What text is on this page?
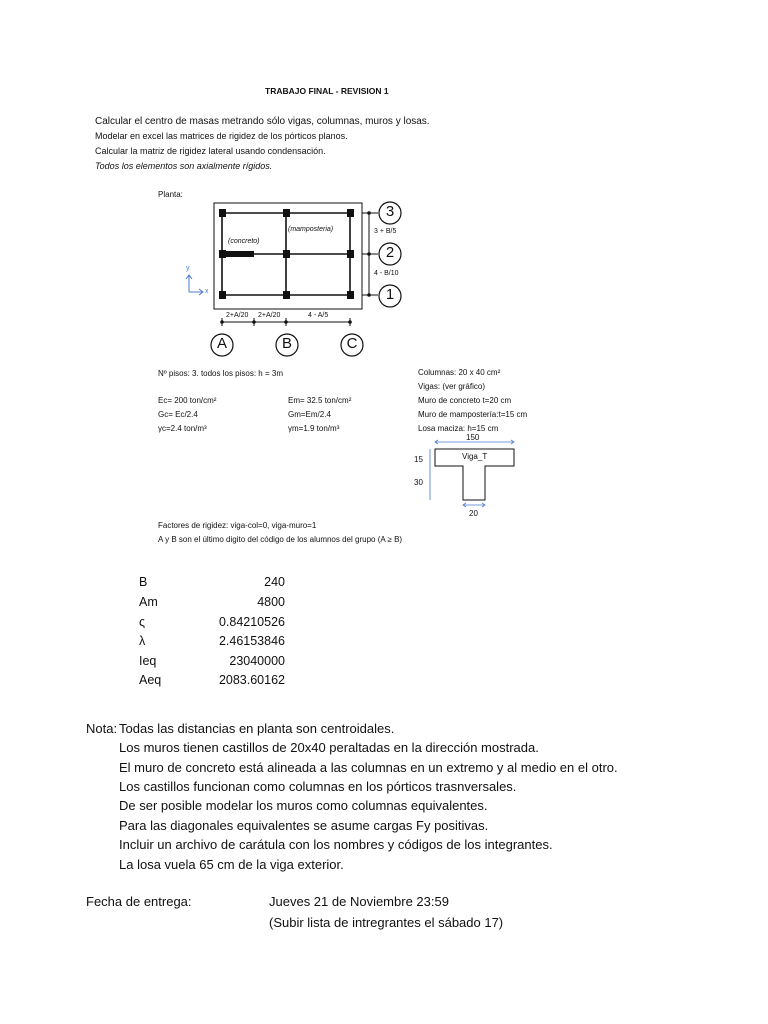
TRABAJO FINAL - REVISION 1
Calcular el centro de masas metrando sólo vigas, columnas, muros y losas.
Modelar en excel las matrices de rigidez de los pórticos planos.
Calcular la matriz de rigidez lateral usando condensación.
Todos los elementos son axialmente rígidos.
Planta:
(concreto)
(mamposteria)
y
x
3
2
1
3 + B/5
4 - B/10
2+A/20 2+A/20	4 - A/5
A	B	C
Nº pisos: 3. todos los pisos: h = 3m
Ec= 200 ton/cm²
Gc= Ec/2.4
γc=2.4 ton/m³
Em= 32.5 ton/cm²
Gm=Em/2.4
γm=1.9 ton/m³
Columnas: 20 x 40 cm²
Vigas: (ver gráfico)
Muro de concreto t=20 cm
Muro de mampostería:t=15 cm
Losa maciza: h=15 cm
150
Viga_T
15
30
20
Factores de rigidez: viga-col=0, viga-muro=1
A y B son el último digito del código de los alumnos del grupo (A ≥ B)
B	240
Am	4800
ς	0.84210526
λ	2.46153846
Ieq	23040000
Aeq	2083.60162
Nota: Todas las distancias en planta son centroidales.
Los muros tienen castillos de 20x40 peraltadas en la dirección mostrada.
El muro de concreto está alineada a las columnas en un extremo y al medio en el otro.
Los castillos funcionan como columnas en los pórticos trasnversales.
De ser posible modelar los muros como columnas equivalentes.
Para las diagonales equivalentes se asume cargas Fy positivas.
Incluir un archivo de carátula con los nombres y códigos de los integrantes.
La losa vuela 65 cm de la viga exterior.
Fecha de entrega:	Jueves 21 de Noviembre 23:59
(Subir lista de intregrantes el sábado 17)
